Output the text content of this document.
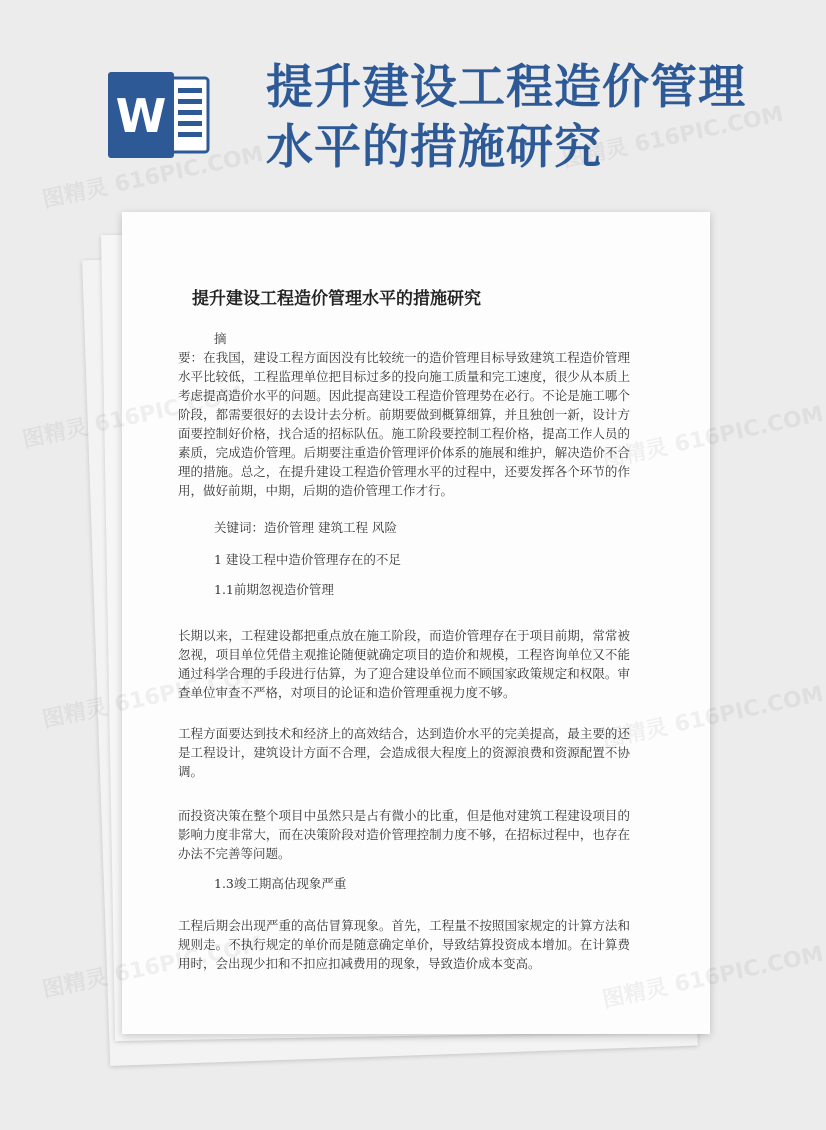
W
提升建设工程造价管理
水平的措施研究
提升建设工程造价管理水平的措施研究

摘

要：在我国，建设工程方面因没有比较统一的造价管理目标导致建筑工程造价管理水平比较低，工程监理单位把目标过多的投向施工质量和完工速度，很少从本质上考虑提高造价水平的问题。因此提高建设工程造价管理势在必行。不论是施工哪个阶段，都需要很好的去设计去分析。前期要做到概算细算，并且独创一新，设计方面要控制好价格，找合适的招标队伍。施工阶段要控制工程价格，提高工作人员的素质，完成造价管理。后期要注重造价管理评价体系的施展和维护，解决造价不合理的措施。总之，在提升建设工程造价管理水平的过程中，还要发挥各个环节的作用，做好前期，中期，后期的造价管理工作才行。

关键词：造价管理 建筑工程 风险

1 建设工程中造价管理存在的不足

1.1前期忽视造价管理

长期以来，工程建设都把重点放在施工阶段，而造价管理存在于项目前期，常常被忽视，项目单位凭借主观推论随便就确定项目的造价和规模，工程咨询单位又不能通过科学合理的手段进行估算，为了迎合建设单位而不顾国家政策规定和权限。审查单位审查不严格，对项目的论证和造价管理重视力度不够。

工程方面要达到技术和经济上的高效结合，达到造价水平的完美提高，最主要的还是工程设计，建筑设计方面不合理，会造成很大程度上的资源浪费和资源配置不协调。

而投资决策在整个项目中虽然只是占有微小的比重，但是他对建筑工程建设项目的影响力度非常大，而在决策阶段对造价管理控制力度不够，在招标过程中，也存在办法不完善等问题。

1.3竣工期高估现象严重

工程后期会出现严重的高估冒算现象。首先，工程量不按照国家规定的计算方法和规则走。不执行规定的单价而是随意确定单价，导致结算投资成本增加。在计算费用时，会出现少扣和不扣应扣减费用的现象，导致造价成本变高。

图精灵 616PIC.COM
图精灵 616PIC.COM
图精灵	图精灵 616PIC.COM
图精灵	图精灵 616PIC.COM
图精灵	图精灵 616PIC.COM
